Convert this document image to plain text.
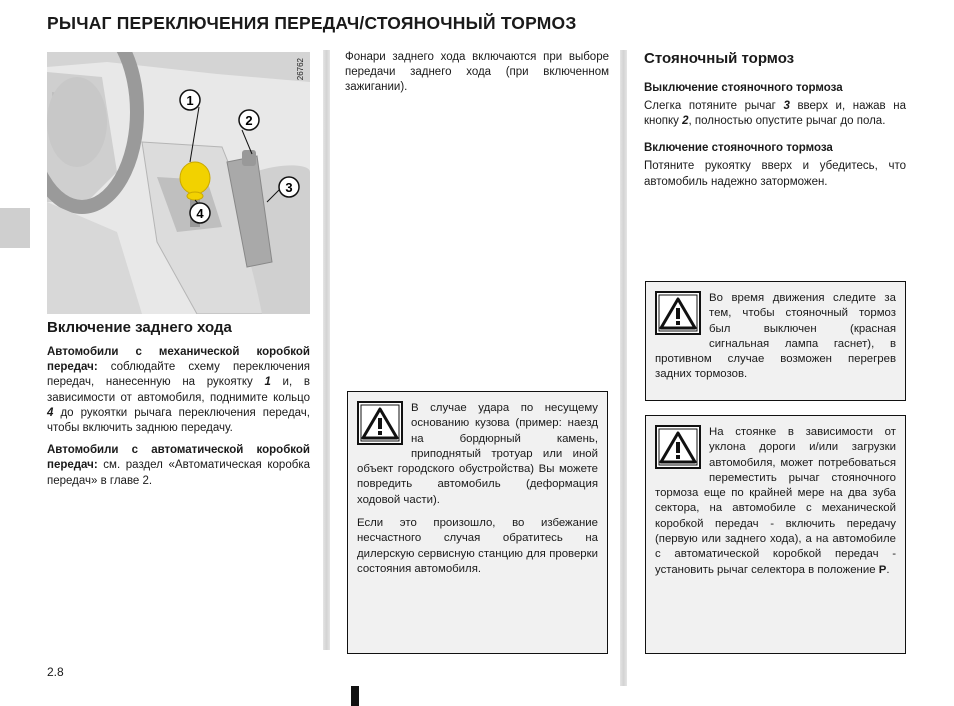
РЫЧАГ ПЕРЕКЛЮЧЕНИЯ ПЕРЕДАЧ/СТОЯНОЧНЫЙ ТОРМОЗ
1
2
3
4
26762
Включение заднего хода

Автомобили с механической коробкой передач: соблюдайте схему переключения передач, нанесенную на рукоятку 1 и, в зависимости от автомобиля, поднимите кольцо 4 до рукоятки рычага переключения передач, чтобы включить заднюю передачу.

Автомобили с автоматической коробкой передач: см. раздел «Автоматическая коробка передач» в главе 2.

Фонари заднего хода включаются при выборе передачи заднего хода (при включенном зажигании).

В случае удара по несущему основанию кузова (пример: наезд на бордюрный камень, приподнятый тротуар или иной объект городского обустройства) Вы можете повредить автомобиль (деформация ходовой части).

Если это произошло, во избежание несчастного случая обратитесь на дилерскую сервисную станцию для проверки состояния автомобиля.

Стояночный тормоз
Выключение стояночного тормоза

Слегка потяните рычаг 3 вверх и, нажав на кнопку 2, полностью опустите рычаг до пола.

Включение стояночного тормоза

Потяните рукоятку вверх и убедитесь, что автомобиль надежно заторможен.

Во время движения следите за тем, чтобы стояночный тормоз был выключен (красная сигнальная лампа гаснет), в противном случае возможен перегрев задних тормозов.

На стоянке в зависимости от уклона дороги и/или загрузки автомобиля, может потребоваться переместить рычаг стояночного тормоза еще по крайней мере на два зуба сектора, на автомобиле с механической коробкой передач - включить передачу (первую или заднего хода), а на автомобиле с автоматической коробкой передач - установить рычаг селектора в положение P.

2.8
